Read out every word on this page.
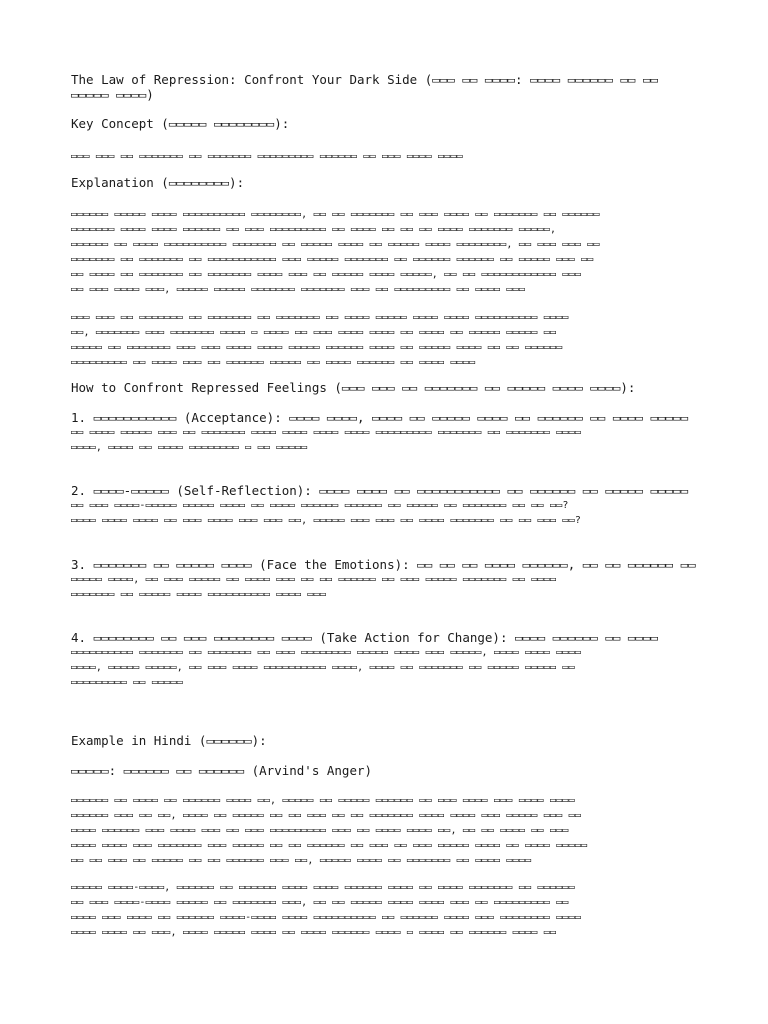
The Law of Repression: Confront Your Dark Side (▭▭▭ ▭▭ ▭▭▭▭: ▭▭▭▭ ▭▭▭▭▭▭ ▭▭ ▭▭
▭▭▭▭▭ ▭▭▭▭)
Key Concept (▭▭▭▭▭ ▭▭▭▭▭▭▭▭):
▭▭▭ ▭▭▭ ▭▭ ▭▭▭▭▭▭▭ ▭▭ ▭▭▭▭▭▭▭ ▭▭▭▭▭▭▭▭▭ ▭▭▭▭▭▭ ▭▭ ▭▭▭ ▭▭▭▭ ▭▭▭▭
Explanation (▭▭▭▭▭▭▭▭):
▭▭▭▭▭▭ ▭▭▭▭▭ ▭▭▭▭ ▭▭▭▭▭▭▭▭▭▭ ▭▭▭▭▭▭▭▭, ▭▭ ▭▭ ▭▭▭▭▭▭▭ ▭▭ ▭▭▭ ▭▭▭▭ ▭▭ ▭▭▭▭▭▭▭ ▭▭ ▭▭▭▭▭▭
▭▭▭▭▭▭▭ ▭▭▭▭ ▭▭▭▭ ▭▭▭▭▭▭ ▭▭ ▭▭▭ ▭▭▭▭▭▭▭▭▭ ▭▭ ▭▭▭▭ ▭▭ ▭▭ ▭▭ ▭▭▭▭ ▭▭▭▭▭▭▭ ▭▭▭▭▭,
▭▭▭▭▭▭ ▭▭ ▭▭▭▭ ▭▭▭▭▭▭▭▭▭▭ ▭▭▭▭▭▭▭ ▭▭ ▭▭▭▭▭ ▭▭▭▭ ▭▭ ▭▭▭▭▭ ▭▭▭▭ ▭▭▭▭▭▭▭▭, ▭▭ ▭▭▭ ▭▭▭ ▭▭
▭▭▭▭▭▭▭ ▭▭ ▭▭▭▭▭▭▭ ▭▭ ▭▭▭▭▭▭▭▭▭▭▭ ▭▭▭ ▭▭▭▭▭ ▭▭▭▭▭▭▭ ▭▭ ▭▭▭▭▭▭ ▭▭▭▭▭▭ ▭▭ ▭▭▭▭▭ ▭▭▭ ▭▭
▭▭ ▭▭▭▭ ▭▭ ▭▭▭▭▭▭▭ ▭▭ ▭▭▭▭▭▭▭ ▭▭▭▭ ▭▭▭ ▭▭ ▭▭▭▭▭ ▭▭▭▭ ▭▭▭▭▭, ▭▭ ▭▭ ▭▭▭▭▭▭▭▭▭▭▭▭ ▭▭▭
▭▭ ▭▭▭ ▭▭▭▭ ▭▭▭, ▭▭▭▭▭ ▭▭▭▭▭ ▭▭▭▭▭▭▭ ▭▭▭▭▭▭▭ ▭▭▭ ▭▭ ▭▭▭▭▭▭▭▭▭ ▭▭ ▭▭▭▭ ▭▭▭
▭▭▭ ▭▭▭ ▭▭ ▭▭▭▭▭▭▭ ▭▭ ▭▭▭▭▭▭▭ ▭▭ ▭▭▭▭▭▭▭ ▭▭ ▭▭▭▭ ▭▭▭▭▭ ▭▭▭▭ ▭▭▭▭ ▭▭▭▭▭▭▭▭▭▭ ▭▭▭▭
▭▭, ▭▭▭▭▭▭▭ ▭▭▭ ▭▭▭▭▭▭▭ ▭▭▭▭ ▭ ▭▭▭▭ ▭▭ ▭▭▭ ▭▭▭▭ ▭▭▭▭ ▭▭ ▭▭▭▭ ▭▭ ▭▭▭▭▭ ▭▭▭▭▭ ▭▭
▭▭▭▭▭ ▭▭ ▭▭▭▭▭▭▭ ▭▭▭ ▭▭▭ ▭▭▭▭ ▭▭▭▭ ▭▭▭▭▭ ▭▭▭▭▭▭ ▭▭▭▭ ▭▭ ▭▭▭▭▭ ▭▭▭▭ ▭▭ ▭▭ ▭▭▭▭▭▭
▭▭▭▭▭▭▭▭▭ ▭▭ ▭▭▭▭ ▭▭▭ ▭▭ ▭▭▭▭▭▭ ▭▭▭▭▭ ▭▭ ▭▭▭▭ ▭▭▭▭▭▭ ▭▭ ▭▭▭▭ ▭▭▭▭
How to Confront Repressed Feelings (▭▭▭ ▭▭▭ ▭▭ ▭▭▭▭▭▭▭ ▭▭ ▭▭▭▭▭ ▭▭▭▭ ▭▭▭▭):
1. ▭▭▭▭▭▭▭▭▭▭▭ (Acceptance): ▭▭▭▭ ▭▭▭▭, ▭▭▭▭ ▭▭ ▭▭▭▭▭ ▭▭▭▭ ▭▭ ▭▭▭▭▭▭ ▭▭ ▭▭▭▭ ▭▭▭▭▭
▭▭ ▭▭▭▭ ▭▭▭▭▭ ▭▭▭ ▭▭ ▭▭▭▭▭▭▭ ▭▭▭▭ ▭▭▭▭ ▭▭▭▭ ▭▭▭▭ ▭▭▭▭▭▭▭▭▭ ▭▭▭▭▭▭▭ ▭▭ ▭▭▭▭▭▭▭ ▭▭▭▭
▭▭▭▭, ▭▭▭▭ ▭▭ ▭▭▭▭ ▭▭▭▭▭▭▭▭ ▭ ▭▭ ▭▭▭▭▭
2. ▭▭▭▭-▭▭▭▭▭ (Self-Reflection): ▭▭▭▭ ▭▭▭▭ ▭▭ ▭▭▭▭▭▭▭▭▭▭▭ ▭▭ ▭▭▭▭▭▭ ▭▭ ▭▭▭▭▭ ▭▭▭▭▭
▭▭ ▭▭▭ ▭▭▭▭-▭▭▭▭▭ ▭▭▭▭▭ ▭▭▭▭ ▭▭ ▭▭▭▭ ▭▭▭▭▭▭ ▭▭▭▭▭▭ ▭▭ ▭▭▭▭▭ ▭▭ ▭▭▭▭▭▭▭ ▭▭ ▭▭ ▭▭?
▭▭▭▭ ▭▭▭▭ ▭▭▭▭ ▭▭ ▭▭▭ ▭▭▭▭ ▭▭▭ ▭▭▭ ▭▭, ▭▭▭▭▭ ▭▭▭ ▭▭▭ ▭▭ ▭▭▭▭ ▭▭▭▭▭▭▭ ▭▭ ▭▭ ▭▭▭ ▭▭?
3. ▭▭▭▭▭▭▭ ▭▭ ▭▭▭▭▭ ▭▭▭▭ (Face the Emotions): ▭▭ ▭▭ ▭▭ ▭▭▭▭ ▭▭▭▭▭▭, ▭▭ ▭▭ ▭▭▭▭▭▭ ▭▭
▭▭▭▭▭ ▭▭▭▭, ▭▭ ▭▭▭ ▭▭▭▭▭ ▭▭ ▭▭▭▭ ▭▭▭ ▭▭ ▭▭ ▭▭▭▭▭▭ ▭▭ ▭▭▭ ▭▭▭▭▭ ▭▭▭▭▭▭▭ ▭▭ ▭▭▭▭
▭▭▭▭▭▭▭ ▭▭ ▭▭▭▭▭ ▭▭▭▭ ▭▭▭▭▭▭▭▭▭▭ ▭▭▭▭ ▭▭▭
4. ▭▭▭▭▭▭▭▭ ▭▭ ▭▭▭ ▭▭▭▭▭▭▭▭ ▭▭▭▭ (Take Action for Change): ▭▭▭▭ ▭▭▭▭▭▭ ▭▭ ▭▭▭▭
▭▭▭▭▭▭▭▭▭▭ ▭▭▭▭▭▭▭ ▭▭ ▭▭▭▭▭▭▭ ▭▭ ▭▭▭ ▭▭▭▭▭▭▭▭ ▭▭▭▭▭ ▭▭▭▭ ▭▭▭ ▭▭▭▭▭, ▭▭▭▭ ▭▭▭▭ ▭▭▭▭
▭▭▭▭, ▭▭▭▭▭ ▭▭▭▭▭, ▭▭ ▭▭▭ ▭▭▭▭ ▭▭▭▭▭▭▭▭▭▭ ▭▭▭▭, ▭▭▭▭ ▭▭ ▭▭▭▭▭▭▭ ▭▭ ▭▭▭▭▭ ▭▭▭▭▭ ▭▭
▭▭▭▭▭▭▭▭▭ ▭▭ ▭▭▭▭▭
Example in Hindi (▭▭▭▭▭▭):
▭▭▭▭▭: ▭▭▭▭▭▭ ▭▭ ▭▭▭▭▭▭ (Arvind's Anger)
▭▭▭▭▭▭ ▭▭ ▭▭▭▭ ▭▭ ▭▭▭▭▭▭ ▭▭▭▭ ▭▭, ▭▭▭▭▭ ▭▭ ▭▭▭▭▭ ▭▭▭▭▭▭ ▭▭ ▭▭▭ ▭▭▭▭ ▭▭▭ ▭▭▭▭ ▭▭▭▭
▭▭▭▭▭▭ ▭▭▭ ▭▭ ▭▭, ▭▭▭▭ ▭▭ ▭▭▭▭▭ ▭▭ ▭▭ ▭▭▭ ▭▭ ▭▭ ▭▭▭▭▭▭▭ ▭▭▭▭ ▭▭▭▭ ▭▭▭ ▭▭▭▭▭ ▭▭▭ ▭▭
▭▭▭▭ ▭▭▭▭▭▭ ▭▭▭ ▭▭▭▭ ▭▭▭ ▭▭ ▭▭▭ ▭▭▭▭▭▭▭▭▭ ▭▭▭ ▭▭ ▭▭▭▭ ▭▭▭▭ ▭▭, ▭▭ ▭▭ ▭▭▭▭ ▭▭ ▭▭▭
▭▭▭▭ ▭▭▭▭ ▭▭▭ ▭▭▭▭▭▭▭ ▭▭▭ ▭▭▭▭▭ ▭▭ ▭▭ ▭▭▭▭▭▭ ▭▭ ▭▭▭ ▭▭ ▭▭▭ ▭▭▭▭▭ ▭▭▭▭ ▭▭ ▭▭▭▭ ▭▭▭▭▭
▭▭ ▭▭ ▭▭▭ ▭▭ ▭▭▭▭▭ ▭▭ ▭▭ ▭▭▭▭▭▭ ▭▭▭ ▭▭, ▭▭▭▭▭ ▭▭▭▭ ▭▭ ▭▭▭▭▭▭▭ ▭▭ ▭▭▭▭ ▭▭▭▭
▭▭▭▭▭ ▭▭▭▭-▭▭▭▭, ▭▭▭▭▭▭ ▭▭ ▭▭▭▭▭▭ ▭▭▭▭ ▭▭▭▭ ▭▭▭▭▭▭ ▭▭▭▭ ▭▭ ▭▭▭▭ ▭▭▭▭▭▭▭ ▭▭ ▭▭▭▭▭▭
▭▭ ▭▭▭ ▭▭▭▭-▭▭▭▭ ▭▭▭▭▭ ▭▭ ▭▭▭▭▭▭▭ ▭▭▭, ▭▭ ▭▭ ▭▭▭▭▭ ▭▭▭▭ ▭▭▭▭ ▭▭▭ ▭▭ ▭▭▭▭▭▭▭▭▭ ▭▭
▭▭▭▭ ▭▭▭ ▭▭▭▭ ▭▭ ▭▭▭▭▭▭ ▭▭▭▭-▭▭▭▭ ▭▭▭▭ ▭▭▭▭▭▭▭▭▭▭ ▭▭ ▭▭▭▭▭▭ ▭▭▭▭ ▭▭▭ ▭▭▭▭▭▭▭▭ ▭▭▭▭
▭▭▭▭ ▭▭▭▭ ▭▭ ▭▭▭, ▭▭▭▭ ▭▭▭▭▭ ▭▭▭▭ ▭▭ ▭▭▭▭ ▭▭▭▭▭▭ ▭▭▭▭ ▭ ▭▭▭▭ ▭▭ ▭▭▭▭▭▭ ▭▭▭▭ ▭▭
